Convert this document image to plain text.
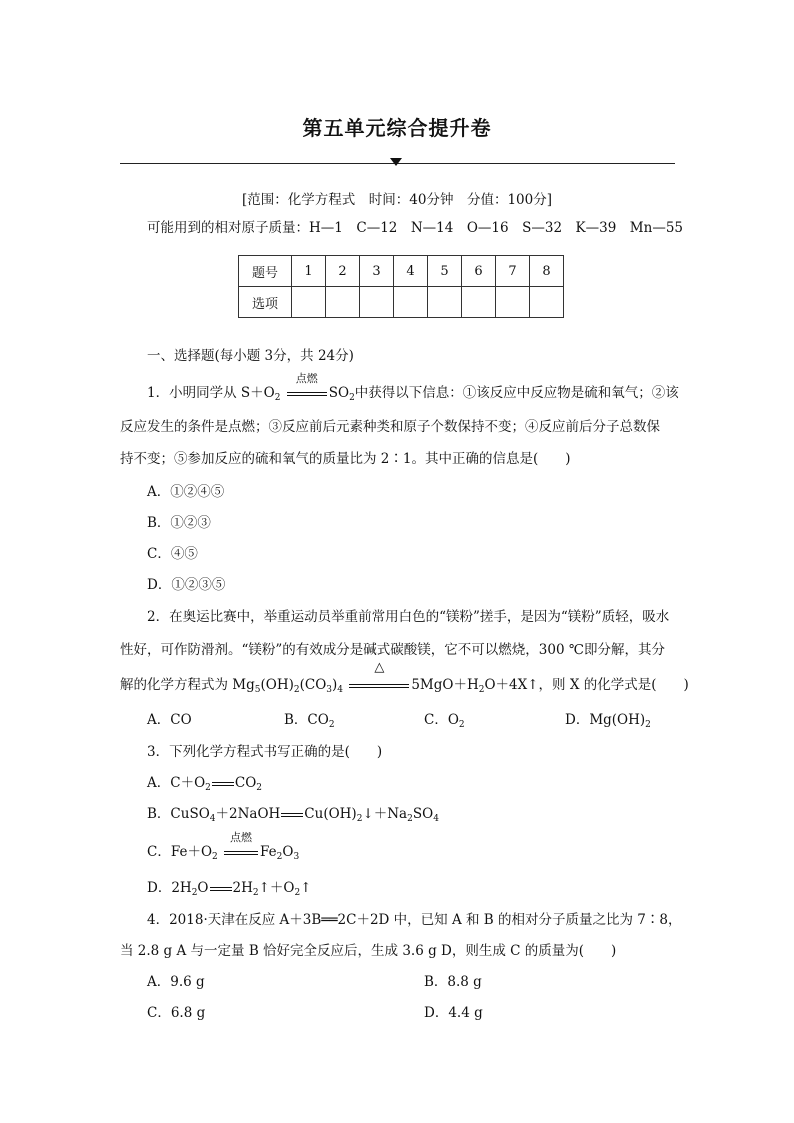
第五单元综合提升卷
[范围：化学方程式　时间：40分钟　分值：100分]
可能用到的相对原子质量：H—1　C—12　N—14　O—16　S—32　K—39　Mn—55
题号	1	2	3	4	5	6	7	8
选项								
一、选择题(每小题 3分，共 24分)
1．小明同学从 $S+O_2$
点燃
$SO_2$中获得以下信息：①该反应中反应物是硫和氧气；②该
反应发生的条件是点燃；③反应前后元素种类和原子个数保持不变；④反应前后分子总数保
持不变；⑤参加反应的硫和氧气的质量比为 2∶1。其中正确的信息是(　　)
A．①②④⑤
B．①②③
C．④⑤
D．①②③⑤
2．在奥运比赛中，举重运动员举重前常用白色的“镁粉”搓手，是因为“镁粉”质轻，吸水
性好，可作防滑剂。“镁粉”的有效成分是碱式碳酸镁，它不可以燃烧，300 ℃即分解，其分
解的化学方程式为 $Mg_5(OH)_2(CO_3)_4$
△
$5MgO+H_2O+4X↑$，则 X 的化学式是(　　)
A．CO	B．$CO_2$	C．$O_2$	D．$Mg(OH)_2$
3．下列化学方程式书写正确的是(　　)
A．$C+O_2$ $CO_2$
B．CuSO$_4$＋2NaOH $Cu(OH)_2↓+Na_2SO_4$
C．$Fe+O_2$
点燃
$Fe_2O_3$
D．$2H_2O$ $2H_2↑+O_2↑$
4．2018·天津在反应 A＋3B══2C＋2D 中，已知 A 和 B 的相对分子质量之比为 7∶8，
当 2.8 g A 与一定量 B 恰好完全反应后，生成 3.6 g D，则生成 C 的质量为(　　)
A．9.6 g	B．8.8 g
C．6.8 g	D．4.4 g
